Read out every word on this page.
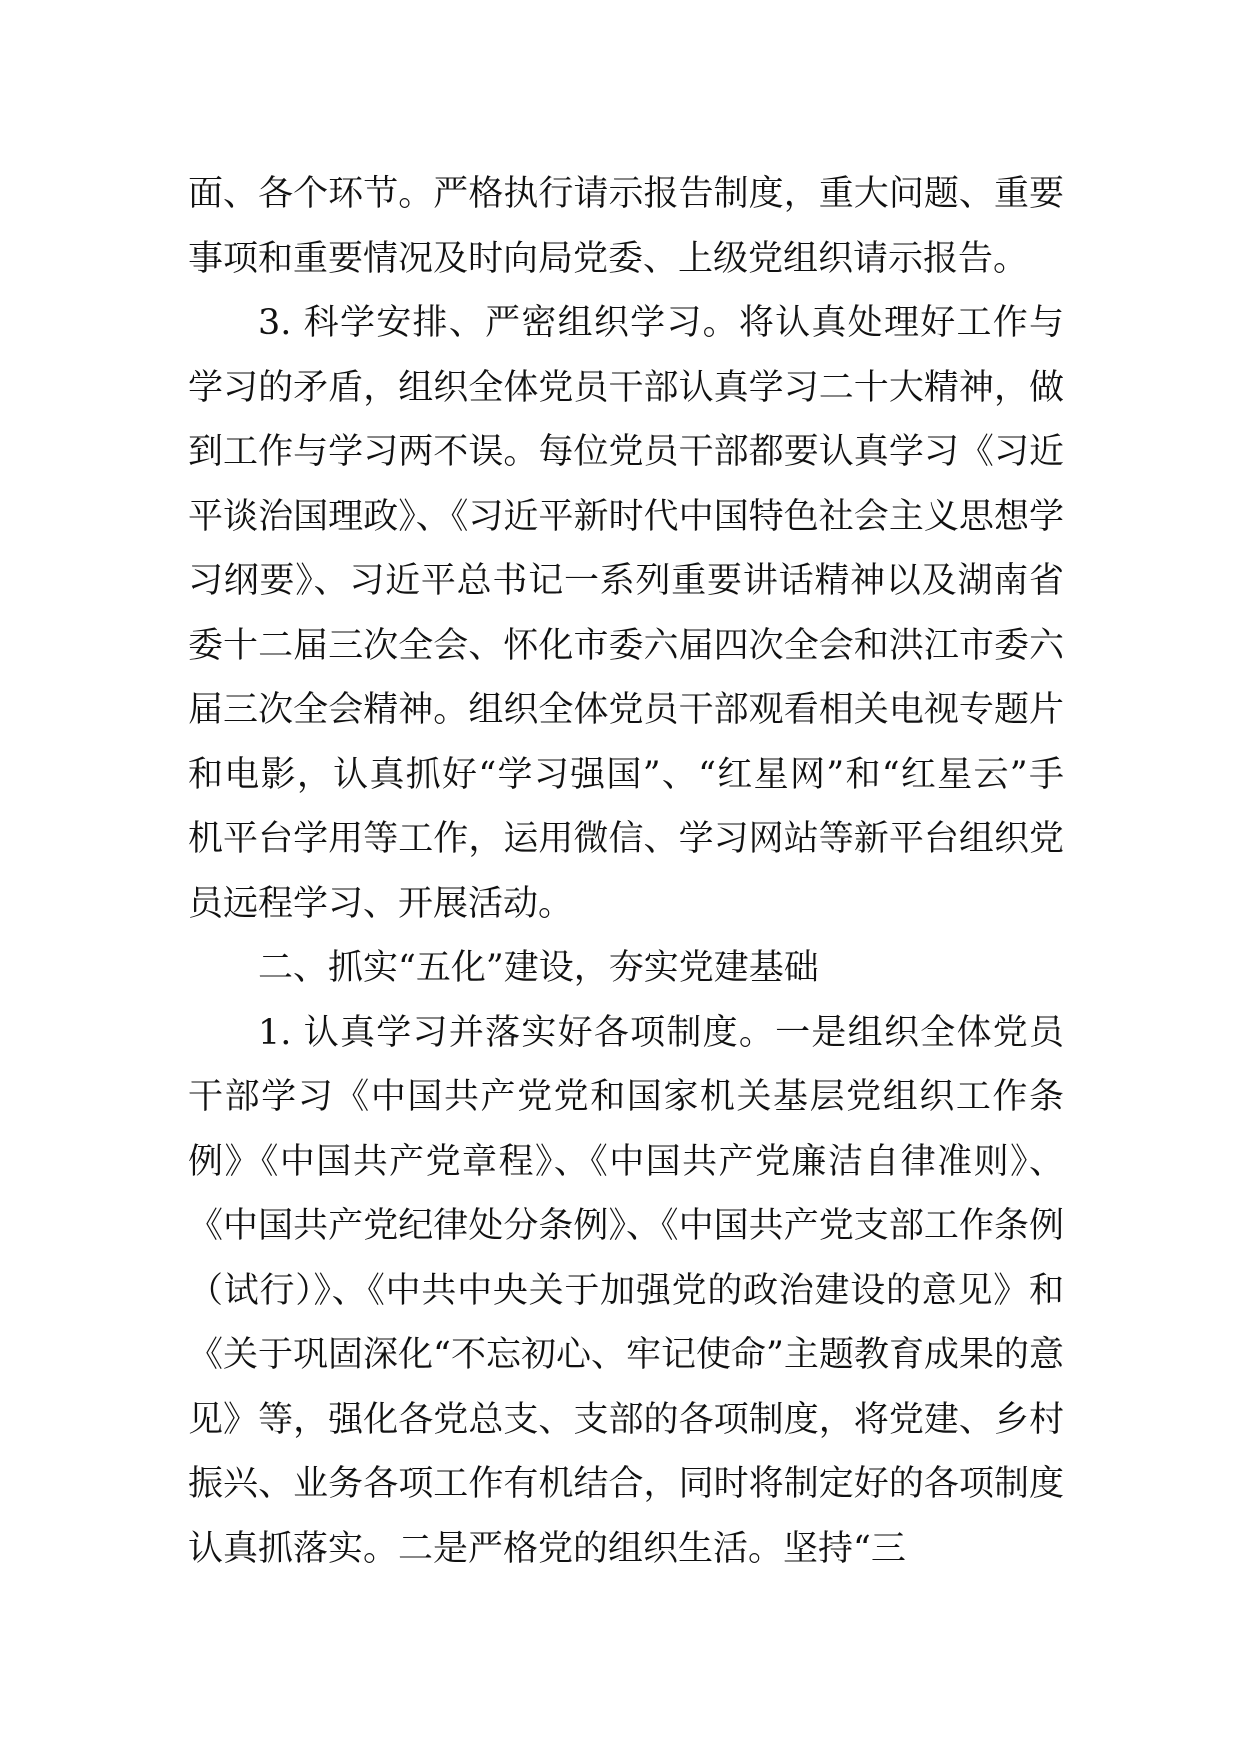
面、各个环节。严格执行请示报告制度，重大问题、重要事项和重要情况及时向局党委、上级党组织请示报告。

3. 科学安排、严密组织学习。将认真处理好工作与学习的矛盾，组织全体党员干部认真学习二十大精神，做到工作与学习两不误。每位党员干部都要认真学习《习近平谈治国理政》、《习近平新时代中国特色社会主义思想学习纲要》、习近平总书记一系列重要讲话精神以及湖南省委十二届三次全会、怀化市委六届四次全会和洪江市委六届三次全会精神。组织全体党员干部观看相关电视专题片和电影，认真抓好“学习强国”、“红星网”和“红星云”手机平台学用等工作，运用微信、学习网站等新平台组织党员远程学习、开展活动。

二、抓实“五化”建设，夯实党建基础

1. 认真学习并落实好各项制度。一是组织全体党员干部学习《中国共产党党和国家机关基层党组织工作条例》《中国共产党章程》、《中国共产党廉洁自律准则》、《中国共产党纪律处分条例》、《中国共产党支部工作条例（试行）》、《中共中央关于加强党的政治建设的意见》和《关于巩固深化“不忘初心、牢记使命”主题教育成果的意见》等，强化各党总支、支部的各项制度，将党建、乡村振兴、业务各项工作有机结合，同时将制定好的各项制度认真抓落实。二是严格党的组织生活。坚持“三
